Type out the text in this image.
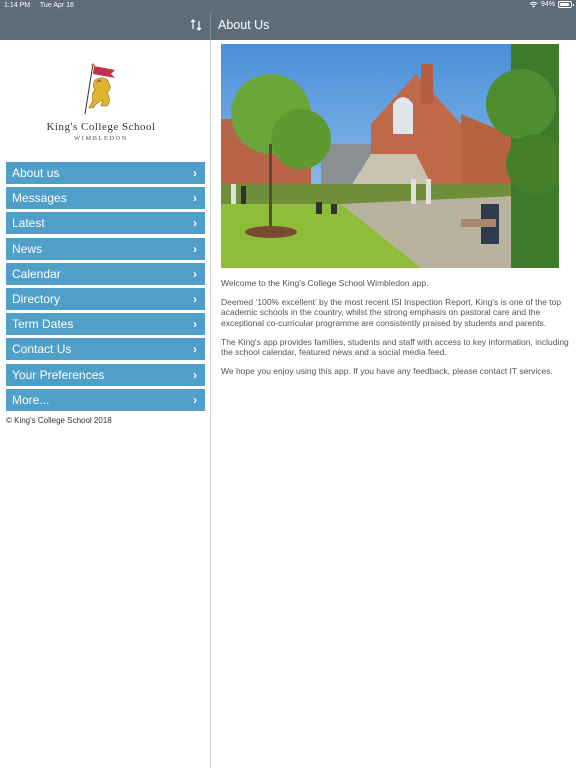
1:14 PM Tue Apr 16	94%
About Us
King's College School
WIMBLEDON
About us	›
Messages	›
Latest	›
News	›
Calendar	›
Directory	›
Term Dates	›
Contact Us	›
Your Preferences	›
More...	›
© King's College School 2018

Welcome to the King's College School Wimbledon app.

Deemed ‘100% excellent’ by the most recent ISI Inspection Report, King's is one of the top academic schools in the country, whilst the strong emphasis on pastoral care and the exceptional co-curricular programme are consistently praised by students and parents.

The King's app provides families, students and staff with access to key information, including the school calendar, featured news and a social media feed.

We hope you enjoy using this app. If you have any feedback, please contact IT services.
